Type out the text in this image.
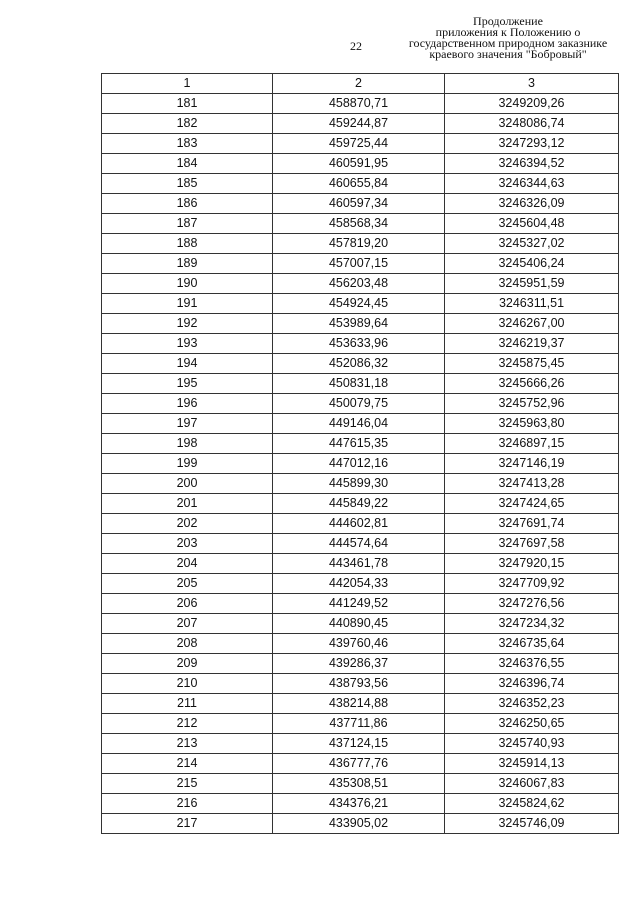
22
Продолжение
приложения к Положению о
государственном природном заказнике
краевого значения "Бобровый"
1	2	3
181	458870,71	3249209,26
182	459244,87	3248086,74
183	459725,44	3247293,12
184	460591,95	3246394,52
185	460655,84	3246344,63
186	460597,34	3246326,09
187	458568,34	3245604,48
188	457819,20	3245327,02
189	457007,15	3245406,24
190	456203,48	3245951,59
191	454924,45	3246311,51
192	453989,64	3246267,00
193	453633,96	3246219,37
194	452086,32	3245875,45
195	450831,18	3245666,26
196	450079,75	3245752,96
197	449146,04	3245963,80
198	447615,35	3246897,15
199	447012,16	3247146,19
200	445899,30	3247413,28
201	445849,22	3247424,65
202	444602,81	3247691,74
203	444574,64	3247697,58
204	443461,78	3247920,15
205	442054,33	3247709,92
206	441249,52	3247276,56
207	440890,45	3247234,32
208	439760,46	3246735,64
209	439286,37	3246376,55
210	438793,56	3246396,74
211	438214,88	3246352,23
212	437711,86	3246250,65
213	437124,15	3245740,93
214	436777,76	3245914,13
215	435308,51	3246067,83
216	434376,21	3245824,62
217	433905,02	3245746,09
